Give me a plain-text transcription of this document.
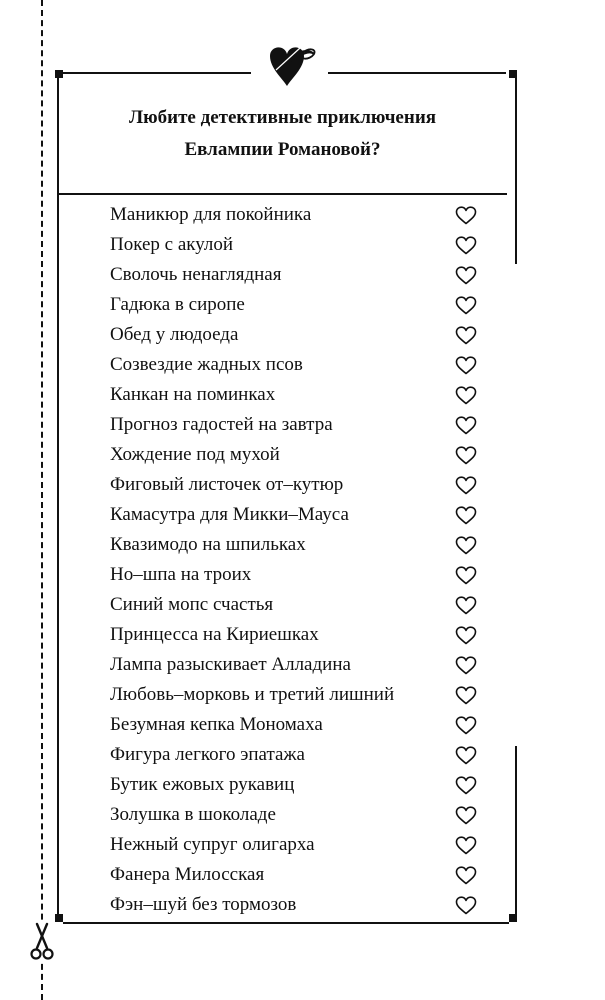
Любите детективные приключения
Евлампии Романовой?
Маникюр для покойника
Покер с акулой
Сволочь ненаглядная
Гадюка в сиропе
Обед у людоеда
Созвездие жадных псов
Канкан на поминках
Прогноз гадостей на завтра
Хождение под мухой
Фиговый листочек от–кутюр
Камасутра для Микки–Мауса
Квазимодо на шпильках
Но–шпа на троих
Синий мопс счастья
Принцесса на Кириешках
Лампа разыскивает Алладина
Любовь–морковь и третий лишний
Безумная кепка Мономаха
Фигура легкого эпатажа
Бутик ежовых рукавиц
Золушка в шоколаде
Нежный супруг олигарха
Фанера Милосская
Фэн–шуй без тормозов
